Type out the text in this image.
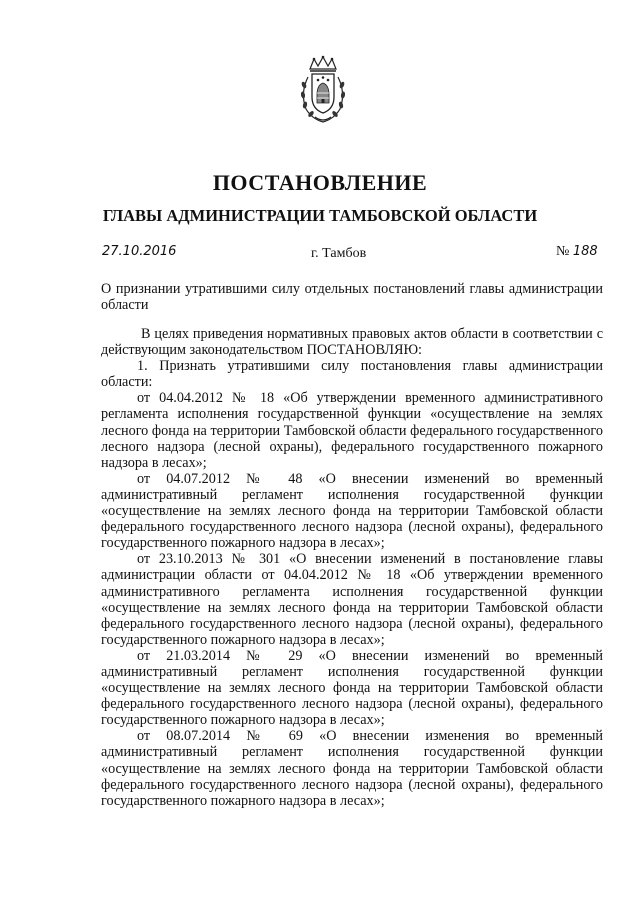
ПОСТАНОВЛЕНИЕ
ГЛАВЫ АДМИНИСТРАЦИИ ТАМБОВСКОЙ ОБЛАСТИ
27.10.2016	г. Тамбов	№ 188
О признании утратившими силу отдельных постановлений главы администрации области

В целях приведения нормативных правовых актов области в соответствии с действующим законодательством ПОСТАНОВЛЯЮ:

1. Признать утратившими силу постановления главы администрации области:

от 04.04.2012 № 18 «Об утверждении временного административного регламента исполнения государственной функции «осуществление на землях лесного фонда на территории Тамбовской области федерального государственного лесного надзора (лесной охраны), федерального государственного пожарного надзора в лесах»;

от 04.07.2012 № 48 «О внесении изменений во временный административный регламент исполнения государственной функции «осуществление на землях лесного фонда на территории Тамбовской области федерального государственного лесного надзора (лесной охраны), федерального государственного пожарного надзора в лесах»;

от 23.10.2013 № 301 «О внесении изменений в постановление главы администрации области от 04.04.2012 № 18 «Об утверждении временного административного регламента исполнения государственной функции «осуществление на землях лесного фонда на территории Тамбовской области федерального государственного лесного надзора (лесной охраны), федерального государственного пожарного надзора в лесах»;

от 21.03.2014 № 29 «О внесении изменений во временный административный регламент исполнения государственной функции «осуществление на землях лесного фонда на территории Тамбовской области федерального государственного лесного надзора (лесной охраны), федерального государственного пожарного надзора в лесах»;

от 08.07.2014 № 69 «О внесении изменения во временный административный регламент исполнения государственной функции «осуществление на землях лесного фонда на территории Тамбовской области федерального государственного лесного надзора (лесной охраны), федерального государственного пожарного надзора в лесах»;
